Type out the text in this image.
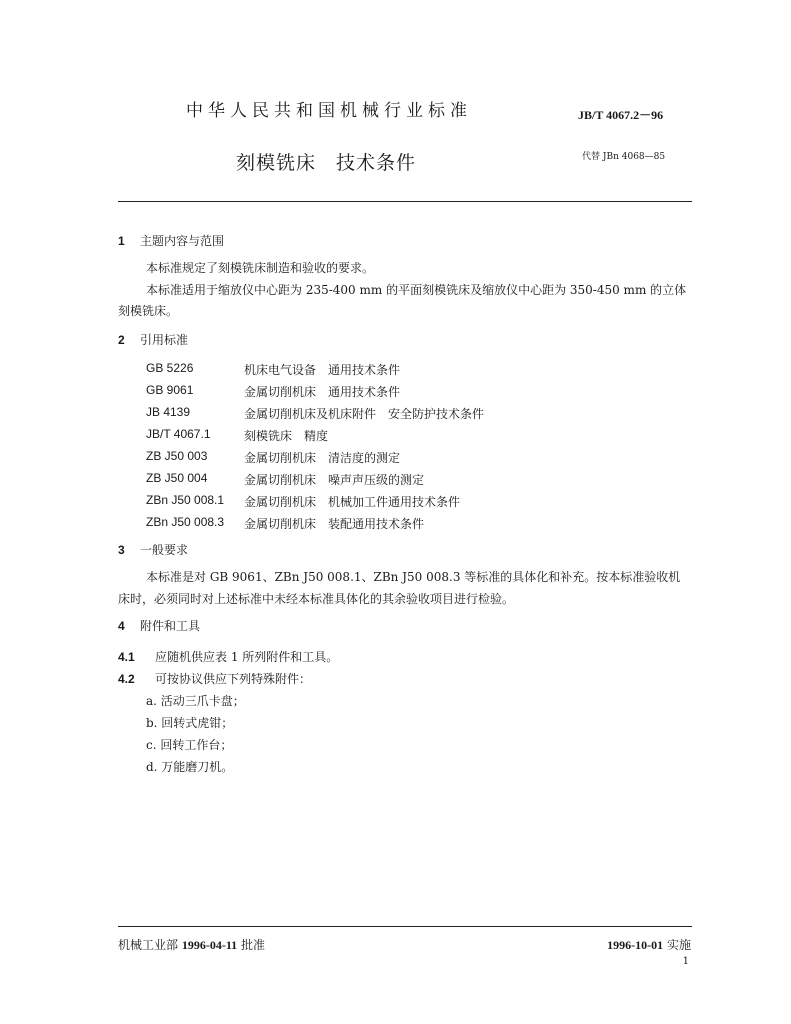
中华人民共和国机械行业标准	JB/T 4067.2－96
刻模铣床　技术条件	代替 JBn 4068—85
1 主题内容与范围
本标准规定了刻模铣床制造和验收的要求。
本标准适用于缩放仪中心距为 235-400 mm 的平面刻模铣床及缩放仪中心距为 350-450 mm 的立体
刻模铣床。
2 引用标准
GB 5226	机床电气设备　通用技术条件
GB 9061	金属切削机床　通用技术条件
JB 4139	金属切削机床及机床附件　安全防护技术条件
JB/T 4067.1	刻模铣床　精度
ZB J50 003	金属切削机床　清洁度的测定
ZB J50 004	金属切削机床　噪声声压级的测定
ZBn J50 008.1 金属切削机床　机械加工件通用技术条件
ZBn J50 008.3 金属切削机床　装配通用技术条件
3 一般要求
本标准是对 GB 9061、ZBn J50 008.1、ZBn J50 008.3 等标准的具体化和补充。按本标准验收机
床时，必须同时对上述标准中未经本标准具体化的其余验收项目进行检验。
4 附件和工具
4.1 应随机供应表 1 所列附件和工具。
4.2 可按协议供应下列特殊附件：
a. 活动三爪卡盘；
b. 回转式虎钳；
c. 回转工作台；
d. 万能磨刀机。
机械工业部 1996-04-11 批准	1996-10-01 实施
1
